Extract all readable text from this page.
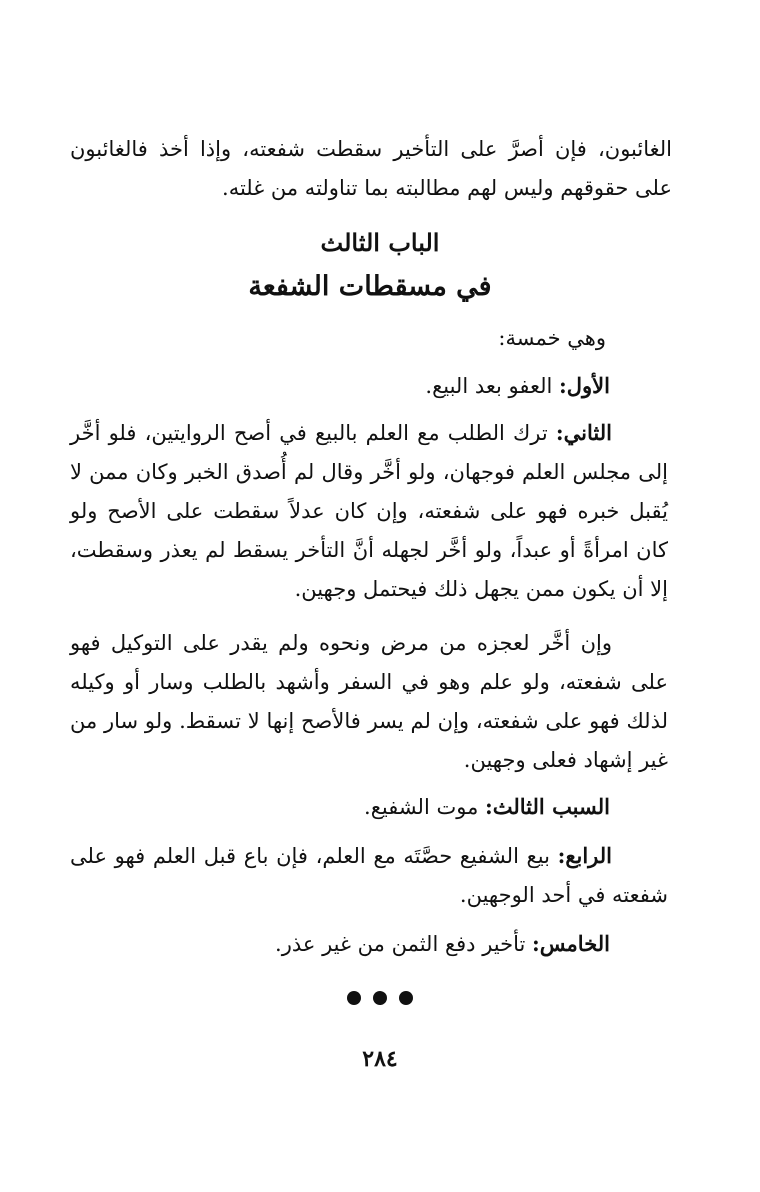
الغائبون، فإن أصرَّ على التأخير سقطت شفعته، وإذا أخذ فالغائبون على حقوقهم وليس لهم مطالبته بما تناولته من غلته.

الباب الثالث
في مسقطات الشفعة
وهي خمسة:

الأول: العفو بعد البيع.

الثاني: ترك الطلب مع العلم بالبيع في أصح الروايتين، فلو أخَّر إلى مجلس العلم فوجهان، ولو أخَّر وقال لم أُصدق الخبر وكان ممن لا يُقبل خبره فهو على شفعته، وإن كان عدلاً سقطت على الأصح ولو كان امرأةً أو عبداً، ولو أخَّر لجهله أنَّ التأخر يسقط لم يعذر وسقطت، إلا أن يكون ممن يجهل ذلك فيحتمل وجهين.

وإن أخَّر لعجزه من مرض ونحوه ولم يقدر على التوكيل فهو على شفعته، ولو علم وهو في السفر وأشهد بالطلب وسار أو وكيله لذلك فهو على شفعته، وإن لم يسر فالأصح إنها لا تسقط. ولو سار من غير إشهاد فعلى وجهين.

السبب الثالث: موت الشفيع.

الرابع: بيع الشفيع حصَّتَه مع العلم، فإن باع قبل العلم فهو على شفعته في أحد الوجهين.

الخامس: تأخير دفع الثمن من غير عذر.

٢٨٤
